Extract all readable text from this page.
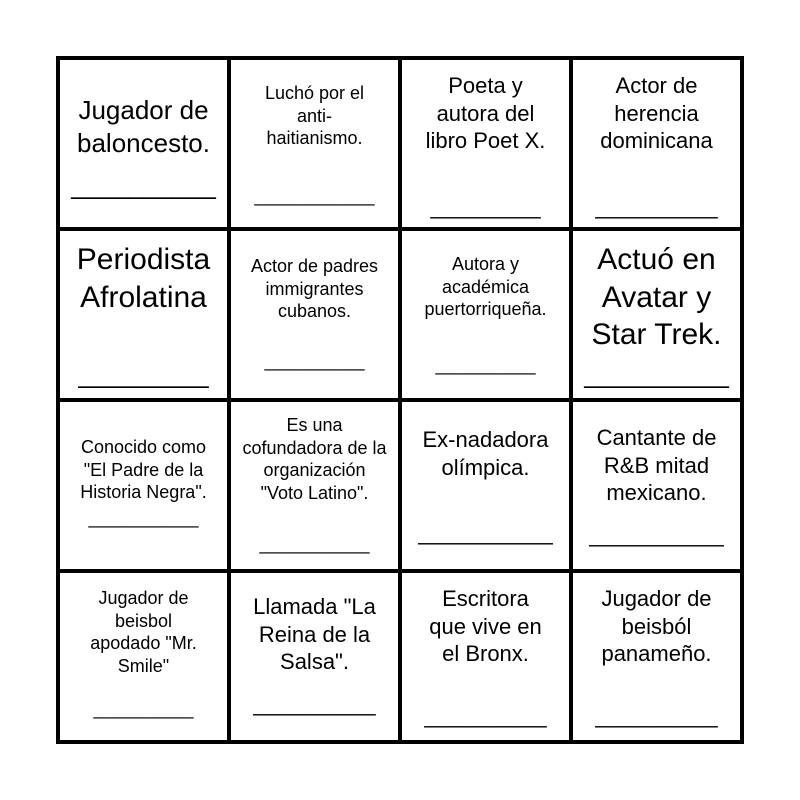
Jugador de baloncesto.
__________
Luchó por el anti-haitianismo.
____________
Poeta y autora del libro Poet X.
_________
Actor de herencia dominicana
__________
Periodista Afrolatina
_________
Actor de padres immigrantes cubanos.
__________
Autora y académica puertorriqueña.
__________
Actuó en Avatar y Star Trek.
__________
Conocido como "El Padre de la Historia Negra".
___________
Es una cofundadora de la organización "Voto Latino".
___________
Ex-nadadora olímpica.
___________
Cantante de R&B mitad mexicano.
___________
Jugador de beisbol apodado "Mr. Smile"
__________
Llamada "La Reina de la Salsa".
__________
Escritora que vive en el Bronx.
__________
Jugador de beisból panameño.
__________
